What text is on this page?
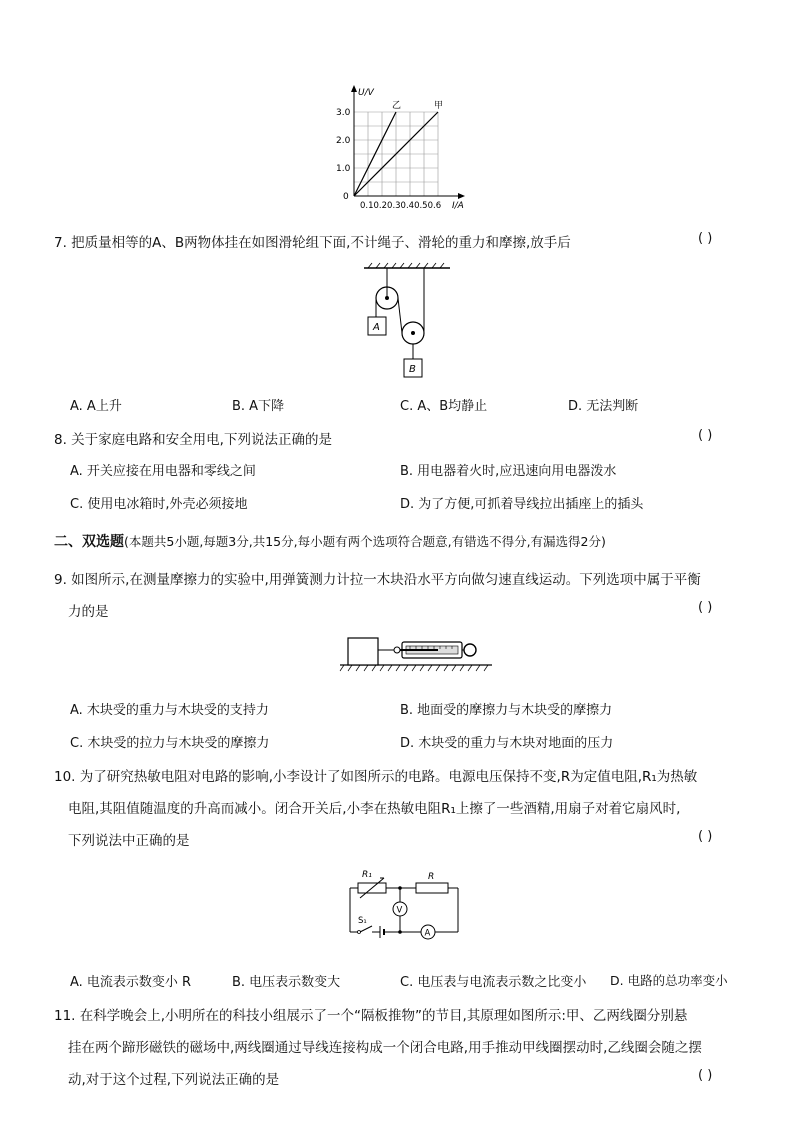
U/V
3.0
2.0
1.0
0
0.10.20.30.40.50.6 I/A
乙	甲
7. 把质量相等的A、B两物体挂在如图滑轮组下面,不计绳子、滑轮的重力和摩擦,放手后	( )
A
B
A. A上升	B. A下降	C. A、B均静止	D. 无法判断
8. 关于家庭电路和安全用电,下列说法正确的是	( )
A. 开关应接在用电器和零线之间	B. 用电器着火时,应迅速向用电器泼水
C. 使用电冰箱时,外壳必须接地	D. 为了方便,可抓着导线拉出插座上的插头
二、双选题(本题共5小题,每题3分,共15分,每小题有两个选项符合题意,有错选不得分,有漏选得2分)
9. 如图所示,在测量摩擦力的实验中,用弹簧测力计拉一木块沿水平方向做匀速直线运动。下列选项中属于平衡
力的是	( )
A. 木块受的重力与木块受的支持力	B. 地面受的摩擦力与木块受的摩擦力
C. 木块受的拉力与木块受的摩擦力	D. 木块受的重力与木块对地面的压力
10. 为了研究热敏电阻对电路的影响,小李设计了如图所示的电路。电源电压保持不变,R为定值电阻,R₁为热敏
电阻,其阻值随温度的升高而减小。闭合开关后,小李在热敏电阻R₁上擦了一些酒精,用扇子对着它扇风时,
下列说法中正确的是	( )
R₁	R
V
S₁
A
A. 电流表示数变小 R	B. 电压表示数变大	C. 电压表与电流表示数之比变小 D. 电路的总功率变小
11. 在科学晚会上,小明所在的科技小组展示了一个“隔板推物”的节目,其原理如图所示:甲、乙两线圈分别悬
挂在两个蹄形磁铁的磁场中,两线圈通过导线连接构成一个闭合电路,用手推动甲线圈摆动时,乙线圈会随之摆
动,对于这个过程,下列说法正确的是	( )
